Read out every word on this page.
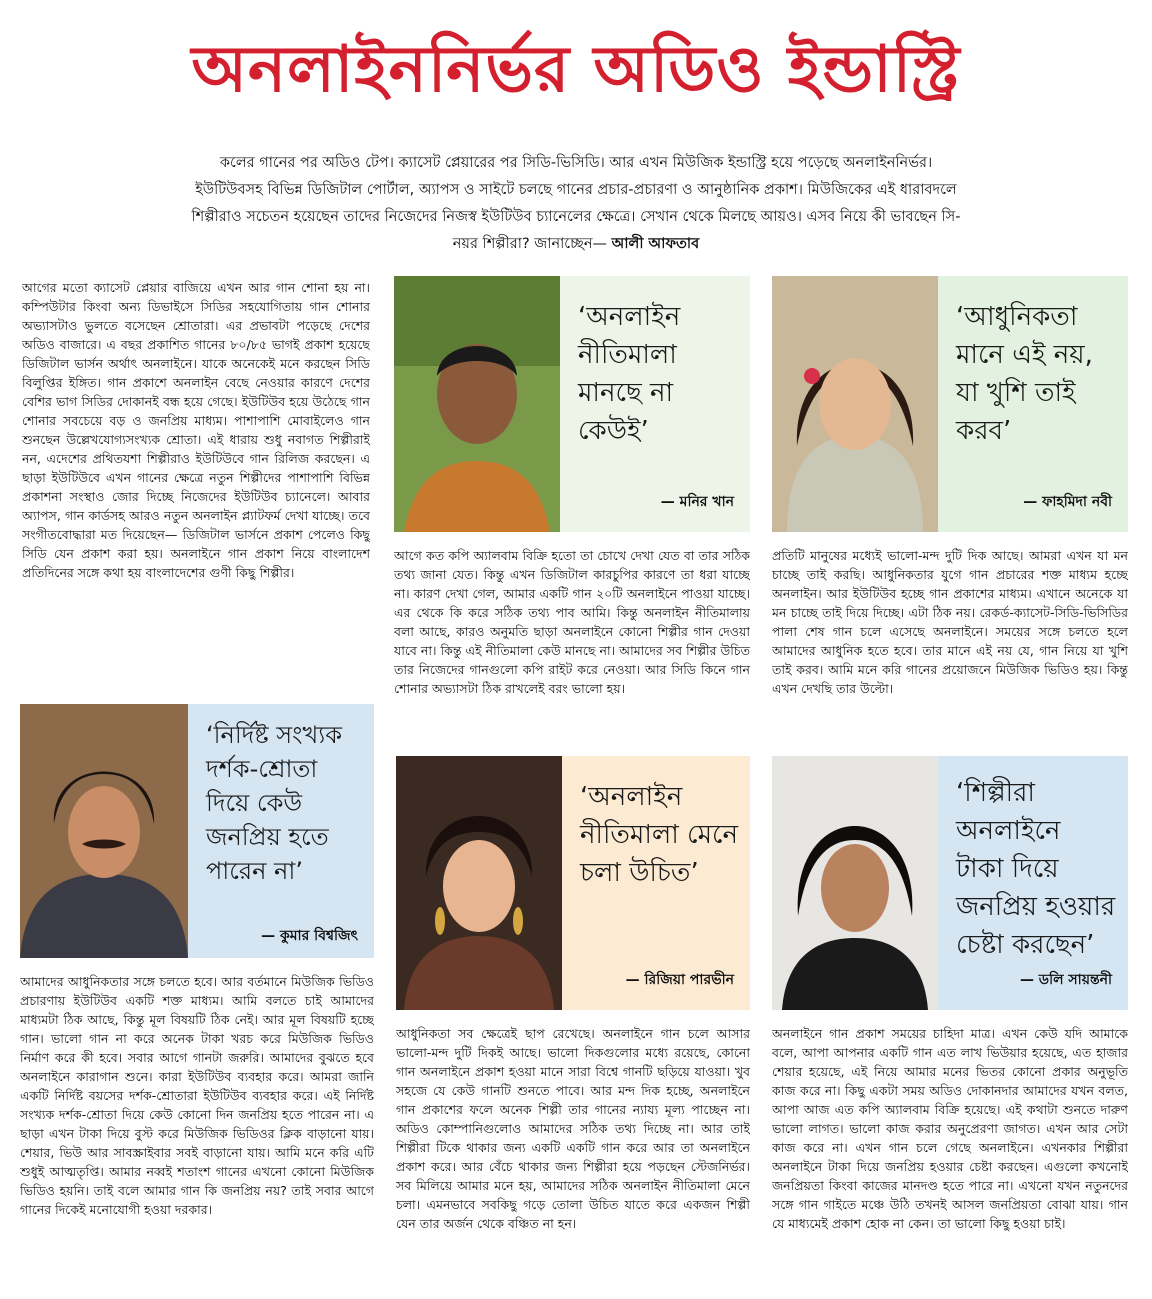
অনলাইননির্ভর অডিও ইন্ডাস্ট্রি
কলের গানের পর অডিও টেপ। ক্যাসেট প্লেয়ারের পর সিডি-ভিসিডি। আর এখন মিউজিক ইন্ডাস্ট্রি হয়ে পড়েছে অনলাইননির্ভর।
ইউটিউবসহ বিভিন্ন ডিজিটাল পোর্টাল, অ্যাপস ও সাইটে চলছে গানের প্রচার-প্রচারণা ও আনুষ্ঠানিক প্রকাশ। মিউজিকের এই ধারাবদলে
শিল্পীরাও সচেতন হয়েছেন তাদের নিজেদের নিজস্ব ইউটিউব চ্যানেলের ক্ষেত্রে। সেখান থেকে মিলছে আয়ও। এসব নিয়ে কী ভাবছেন সি-
নয়র শিল্পীরা? জানাচ্ছেন— আলী আফতাব
আগের মতো ক্যাসেট প্লেয়ার বাজিয়ে এখন আর গান শোনা হয় না। কম্পিউটার কিংবা অন্য ডিভাইসে সিডির সহযোগিতায় গান শোনার অভ্যাসটাও ভুলতে বসেছেন শ্রোতারা। এর প্রভাবটা পড়েছে দেশের অডিও বাজারে। এ বছর প্রকাশিত গানের ৮০/৮৫ ভাগই প্রকাশ হয়েছে ডিজিটাল ভার্সন অর্থাৎ অনলাইনে। যাকে অনেকেই মনে করছেন সিডি বিলুপ্তির ইঙ্গিত। গান প্রকাশে অনলাইন বেছে নেওয়ার কারণে দেশের বেশির ভাগ সিডির দোকানই বন্ধ হয়ে গেছে। ইউটিউব হয়ে উঠেছে গান শোনার সবচেয়ে বড় ও জনপ্রিয় মাধ্যম। পাশাপাশি মোবাইলেও গান শুনছেন উল্লেখযোগ্যসংখ্যক শ্রোতা। এই ধারায় শুধু নবাগত শিল্পীরাই নন, এদেশের প্রথিতযশা শিল্পীরাও ইউটিউবে গান রিলিজ করছেন। এ ছাড়া ইউটিউবে এখন গানের ক্ষেত্রে নতুন শিল্পীদের পাশাপাশি বিভিন্ন প্রকাশনা সংস্থাও জোর দিচ্ছে নিজেদের ইউটিউব চ্যানেলে। আবার অ্যাপস, গান কার্ডসহ আরও নতুন অনলাইন প্ল্যাটফর্ম দেখা যাচ্ছে। তবে সংগীতবোদ্ধারা মত দিয়েছেন— ডিজিটাল ভার্সনে প্রকাশ পেলেও কিছু সিডি যেন প্রকাশ করা হয়। অনলাইনে গান প্রকাশ নিয়ে বাংলাদেশ প্রতিদিনের সঙ্গে কথা হয় বাংলাদেশের গুণী কিছু শিল্পীর।
‘অনলাইন নীতিমালা মানছে না কেউই’
— মনির খান
আগে কত কপি অ্যালবাম বিক্রি হতো তা চোখে দেখা যেত বা তার সঠিক তথ্য জানা যেত। কিন্তু এখন ডিজিটাল কারচুপির কারণে তা ধরা যাচ্ছে না। কারণ দেখা গেল, আমার একটি গান ২০টি অনলাইনে পাওয়া যাচ্ছে। এর থেকে কি করে সঠিক তথ্য পাব আমি। কিন্তু অনলাইন নীতিমালায় বলা আছে, কারও অনুমতি ছাড়া অনলাইনে কোনো শিল্পীর গান দেওয়া যাবে না। কিন্তু এই নীতিমালা কেউ মানছে না। আমাদের সব শিল্পীর উচিত তার নিজেদের গানগুলো কপি রাইট করে নেওয়া। আর সিডি কিনে গান শোনার অভ্যাসটা ঠিক রাখলেই বরং ভালো হয়।
‘আধুনিকতা মানে এই নয়, যা খুশি তাই করব’
— ফাহমিদা নবী
প্রতিটি মানুষের মধ্যেই ভালো-মন্দ দুটি দিক আছে। আমরা এখন যা মন চাচ্ছে তাই করছি। আধুনিকতার যুগে গান প্রচারের শক্ত মাধ্যম হচ্ছে অনলাইন। আর ইউটিউব হচ্ছে গান প্রকাশের মাধ্যম। এখানে অনেকে যা মন চাচ্ছে তাই দিয়ে দিচ্ছে। এটা ঠিক নয়। রেকর্ড-ক্যাসেট-সিডি-ভিসিডির পালা শেষ গান চলে এসেছে অনলাইনে। সময়ের সঙ্গে চলতে হলে আমাদের আধুনিক হতে হবে। তার মানে এই নয় যে, গান নিয়ে যা খুশি তাই করব। আমি মনে করি গানের প্রয়োজনে মিউজিক ভিডিও হয়। কিন্তু এখন দেখছি তার উল্টো।
‘নির্দিষ্ট সংখ্যক দর্শক-শ্রোতা দিয়ে কেউ জনপ্রিয় হতে পারেন না’
— কুমার বিশ্বজিৎ
আমাদের আধুনিকতার সঙ্গে চলতে হবে। আর বর্তমানে মিউজিক ভিডিও প্রচারণায় ইউটিউব একটি শক্ত মাধ্যম। আমি বলতে চাই আমাদের মাধ্যমটা ঠিক আছে, কিন্তু মূল বিষয়টি ঠিক নেই। আর মূল বিষয়টি হচ্ছে গান। ভালো গান না করে অনেক টাকা খরচ করে মিউজিক ভিডিও নির্মাণ করে কী হবে। সবার আগে গানটা জরুরি। আমাদের বুঝতে হবে অনলাইনে কারাগান শুনে। কারা ইউটিউব ব্যবহার করে। আমরা জানি একটি নির্দিষ্ট বয়সের দর্শক-শ্রোতারা ইউটিউব ব্যবহার করে। এই নির্দিষ্ট সংখ্যক দর্শক-শ্রোতা দিয়ে কেউ কোনো দিন জনপ্রিয় হতে পারেন না। এ ছাড়া এখন টাকা দিয়ে বুস্ট করে মিউজিক ভিডিওর ক্লিক বাড়ানো যায়। শেয়ার, ভিউ আর সাবস্ক্রাইবার সবই বাড়ানো যায়। আমি মনে করি এটি শুধুই আত্মতৃপ্তি। আমার নব্বই শতাংশ গানের এখনো কোনো মিউজিক ভিডিও হয়নি। তাই বলে আমার গান কি জনপ্রিয় নয়? তাই সবার আগে গানের দিকেই মনোযোগী হওয়া দরকার।
‘অনলাইন নীতিমালা মেনে চলা উচিত’
— রিজিয়া পারভীন
আধুনিকতা সব ক্ষেত্রেই ছাপ রেখেছে। অনলাইনে গান চলে আসার ভালো-মন্দ দুটি দিকই আছে। ভালো দিকগুলোর মধ্যে রয়েছে, কোনো গান অনলাইনে প্রকাশ হওয়া মানে সারা বিশ্বে গানটি ছড়িয়ে যাওয়া। খুব সহজে যে কেউ গানটি শুনতে পাবে। আর মন্দ দিক হচ্ছে, অনলাইনে গান প্রকাশের ফলে অনেক শিল্পী তার গানের ন্যায্য মূল্য পাচ্ছেন না। অডিও কোম্পানিগুলোও আমাদের সঠিক তথ্য দিচ্ছে না। আর তাই শিল্পীরা টিকে থাকার জন্য একটি একটি গান করে আর তা অনলাইনে প্রকাশ করে। আর বেঁচে থাকার জন্য শিল্পীরা হয়ে পড়ছেন স্টেজনির্ভর। সব মিলিয়ে আমার মনে হয়, আমাদের সঠিক অনলাইন নীতিমালা মেনে চলা। এমনভাবে সবকিছু গড়ে তোলা উচিত যাতে করে একজন শিল্পী যেন তার অর্জন থেকে বঞ্চিত না হন।
‘শিল্পীরা অনলাইনে টাকা দিয়ে জনপ্রিয় হওয়ার চেষ্টা করছেন’
— ডলি সায়ন্তনী
অনলাইনে গান প্রকাশ সময়ের চাহিদা মাত্র। এখন কেউ যদি আমাকে বলে, আপা আপনার একটি গান এত লাখ ভিউয়ার হয়েছে, এত হাজার শেয়ার হয়েছে, এই নিয়ে আমার মনের ভিতর কোনো প্রকার অনুভূতি কাজ করে না। কিছু একটা সময় অডিও দোকানদার আমাদের যখন বলত, আপা আজ এত কপি অ্যালবাম বিক্রি হয়েছে। এই কথাটা শুনতে দারুণ ভালো লাগত। ভালো কাজ করার অনুপ্রেরণা জাগত। এখন আর সেটা কাজ করে না। এখন গান চলে গেছে অনলাইনে। এখনকার শিল্পীরা অনলাইনে টাকা দিয়ে জনপ্রিয় হওয়ার চেষ্টা করছেন। এগুলো কখনোই জনপ্রিয়তা কিংবা কাজের মানদণ্ড হতে পারে না। এখনো যখন নতুনদের সঙ্গে গান গাইতে মঞ্চে উঠি তখনই আসল জনপ্রিয়তা বোঝা যায়। গান যে মাধ্যমেই প্রকাশ হোক না কেন। তা ভালো কিছু হওয়া চাই।
